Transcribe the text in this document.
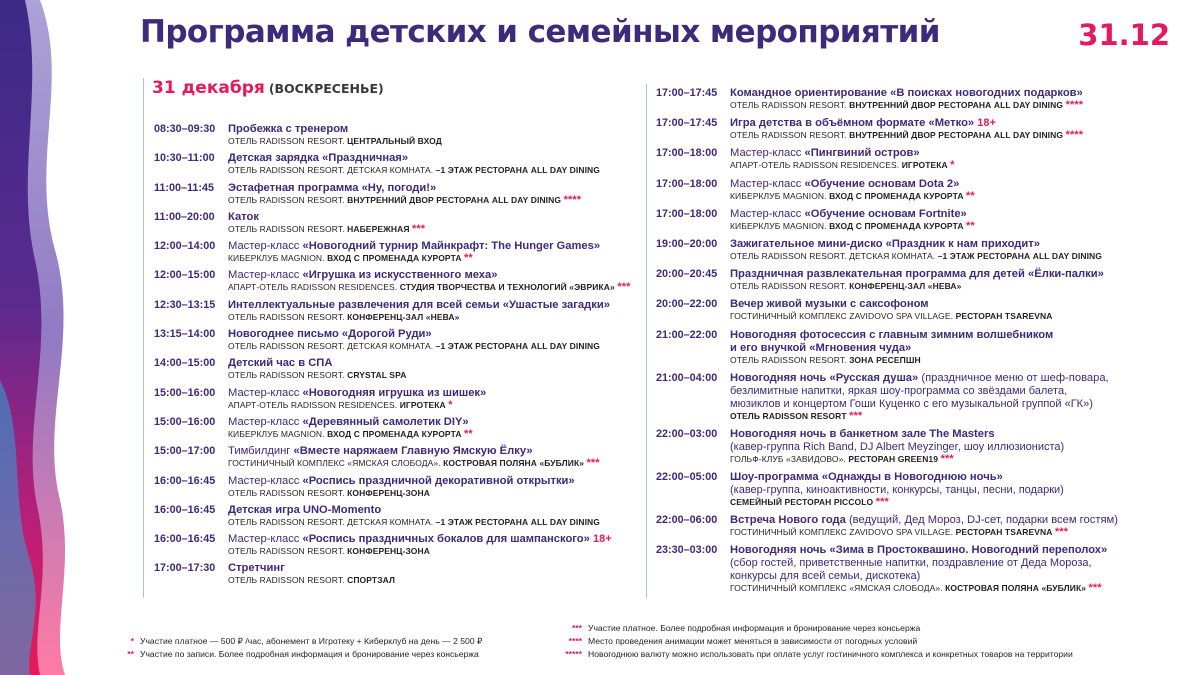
Программа детских и семейных мероприятий	31.12
31 декабря (ВОСКРЕСЕНЬЕ)
08:30–09:30 Пробежка с тренером
ОТЕЛЬ RADISSON RESORT. ЦЕНТРАЛЬНЫЙ ВХОД
10:30–11:00 Детская зарядка «Праздничная»
ОТЕЛЬ RADISSON RESORT. ДЕТСКАЯ КОМНАТА. –1 ЭТАЖ РЕСТОРАНА ALL DAY DINING
11:00–11:45 Эстафетная программа «Ну, погоди!»
ОТЕЛЬ RADISSON RESORT. ВНУТРЕННИЙ ДВОР РЕСТОРАНА ALL DAY DINING ****
11:00–20:00 Каток
ОТЕЛЬ RADISSON RESORT. НАБЕРЕЖНАЯ ***
12:00–14:00 Мастер-класс «Новогодний турнир Майнкрафт: The Hunger Games»
КИБЕРКЛУБ MAGNION. ВХОД С ПРОМЕНАДА КУРОРТА **
12:00–15:00 Мастер-класс «Игрушка из искусственного меха»
АПАРТ-ОТЕЛЬ RADISSON RESIDENCES. СТУДИЯ ТВОРЧЕСТВА И ТЕХНОЛОГИЙ «ЭВРИКА» ***
12:30–13:15 Интеллектуальные развлечения для всей семьи «Ушастые загадки»
ОТЕЛЬ RADISSON RESORT. КОНФЕРЕНЦ-ЗАЛ «НЕВА»
13:15–14:00 Новогоднее письмо «Дорогой Руди»
ОТЕЛЬ RADISSON RESORT. ДЕТСКАЯ КОМНАТА. –1 ЭТАЖ РЕСТОРАНА ALL DAY DINING
14:00–15:00 Детский час в СПА
ОТЕЛЬ RADISSON RESORT. CRYSTAL SPA
15:00–16:00 Мастер-класс «Новогодняя игрушка из шишек»
АПАРТ-ОТЕЛЬ RADISSON RESIDENCES. ИГРОТЕКА *
15:00–16:00 Мастер-класс «Деревянный самолетик DIY»
КИБЕРКЛУБ MAGNION. ВХОД С ПРОМЕНАДА КУРОРТА **
15:00–17:00 Тимбилдинг «Вместе наряжаем Главную Ямскую Ёлку»
ГОСТИНИЧНЫЙ КОМПЛЕКС «ЯМСКАЯ СЛОБОДА». КОСТРОВАЯ ПОЛЯНА «БУБЛИК» ***
16:00–16:45 Мастер-класс «Роспись праздничной декоративной открытки»
ОТЕЛЬ RADISSON RESORT. КОНФЕРЕНЦ-ЗОНА
16:00–16:45 Детская игра UNO-Momento
ОТЕЛЬ RADISSON RESORT. ДЕТСКАЯ КОМНАТА. –1 ЭТАЖ РЕСТОРАНА ALL DAY DINING
16:00–16:45 Мастер-класс «Роспись праздничных бокалов для шампанского» 18+
ОТЕЛЬ RADISSON RESORT. КОНФЕРЕНЦ-ЗОНА
17:00–17:30 Стретчинг
ОТЕЛЬ RADISSON RESORT. СПОРТЗАЛ
17:00–17:45 Командное ориентирование «В поисках новогодних подарков»
ОТЕЛЬ RADISSON RESORT. ВНУТРЕННИЙ ДВОР РЕСТОРАНА ALL DAY DINING ****
17:00–17:45 Игра детства в объёмном формате «Метко» 18+
ОТЕЛЬ RADISSON RESORT. ВНУТРЕННИЙ ДВОР РЕСТОРАНА ALL DAY DINING ****
17:00–18:00 Мастер-класс «Пингвиний остров»
АПАРТ-ОТЕЛЬ RADISSON RESIDENCES. ИГРОТЕКА *
17:00–18:00 Мастер-класс «Обучение основам Dota 2»
КИБЕРКЛУБ MAGNION. ВХОД С ПРОМЕНАДА КУРОРТА **
17:00–18:00 Мастер-класс «Обучение основам Fortnite»
КИБЕРКЛУБ MAGNION. ВХОД С ПРОМЕНАДА КУРОРТА **
19:00–20:00 Зажигательное мини-диско «Праздник к нам приходит»
ОТЕЛЬ RADISSON RESORT. ДЕТСКАЯ КОМНАТА. –1 ЭТАЖ РЕСТОРАНА ALL DAY DINING
20:00–20:45 Праздничная развлекательная программа для детей «Ёлки-палки»
ОТЕЛЬ RADISSON RESORT. КОНФЕРЕНЦ-ЗАЛ «НЕВА»
20:00–22:00 Вечер живой музыки с саксофоном
ГОСТИНИЧНЫЙ КОМПЛЕКС ZAVIDOVO SPA VILLAGE. РЕСТОРАН TSAREVNA
21:00–22:00 Новогодняя фотосессия с главным зимним волшебником
и его внучкой «Мгновения чуда»
ОТЕЛЬ RADISSON RESORT. ЗОНА РЕСЕПШН
21:00–04:00 Новогодняя ночь «Русская душа» (праздничное меню от шеф-повара,
безлимитные напитки, яркая шоу-программа со звёздами балета,
мюзиклов и концертом Гоши Куценко с его музыкальной группой «ГК»)
ОТЕЛЬ RADISSON RESORT ***
22:00–03:00 Новогодняя ночь в банкетном зале The Masters
(кавер-группа Rich Band, DJ Albert Meyzinger, шоу иллюзиониста)
ГОЛЬФ-КЛУБ «ЗАВИДОВО». РЕСТОРАН GREEN19 ***
22:00–05:00 Шоу-программа «Однажды в Новогоднюю ночь»
(кавер-группа, киноактивности, конкурсы, танцы, песни, подарки)
СЕМЕЙНЫЙ РЕСТОРАН PICCOLO ***
22:00–06:00 Встреча Нового года (ведущий, Дед Мороз, DJ-сет, подарки всем гостям)
ГОСТИНИЧНЫЙ КОМПЛЕКС ZAVIDOVO SPA VILLAGE. РЕСТОРАН TSAREVNA ***
23:30–03:00 Новогодняя ночь «Зима в Простоквашино. Новогодний переполох»
(сбор гостей, приветственные напитки, поздравление от Деда Мороза,
конкурсы для всей семьи, дискотека)
ГОСТИНИЧНЫЙ КОМПЛЕКС «ЯМСКАЯ СЛОБОДА». КОСТРОВАЯ ПОЛЯНА «БУБЛИК» ***
* Участие платное — 500 ₽ /час, абонемент в Игротеку + Киберклуб на день — 2 500 ₽
** Участие по записи. Более подробная информация и бронирование через консьержа
*** Участие платное. Более подробная информация и бронирование через консьержа
**** Место проведения анимации может меняться в зависимости от погодных условий
***** Новогоднюю валюту можно использовать при оплате услуг гостиничного комплекса и конкретных товаров на территории
